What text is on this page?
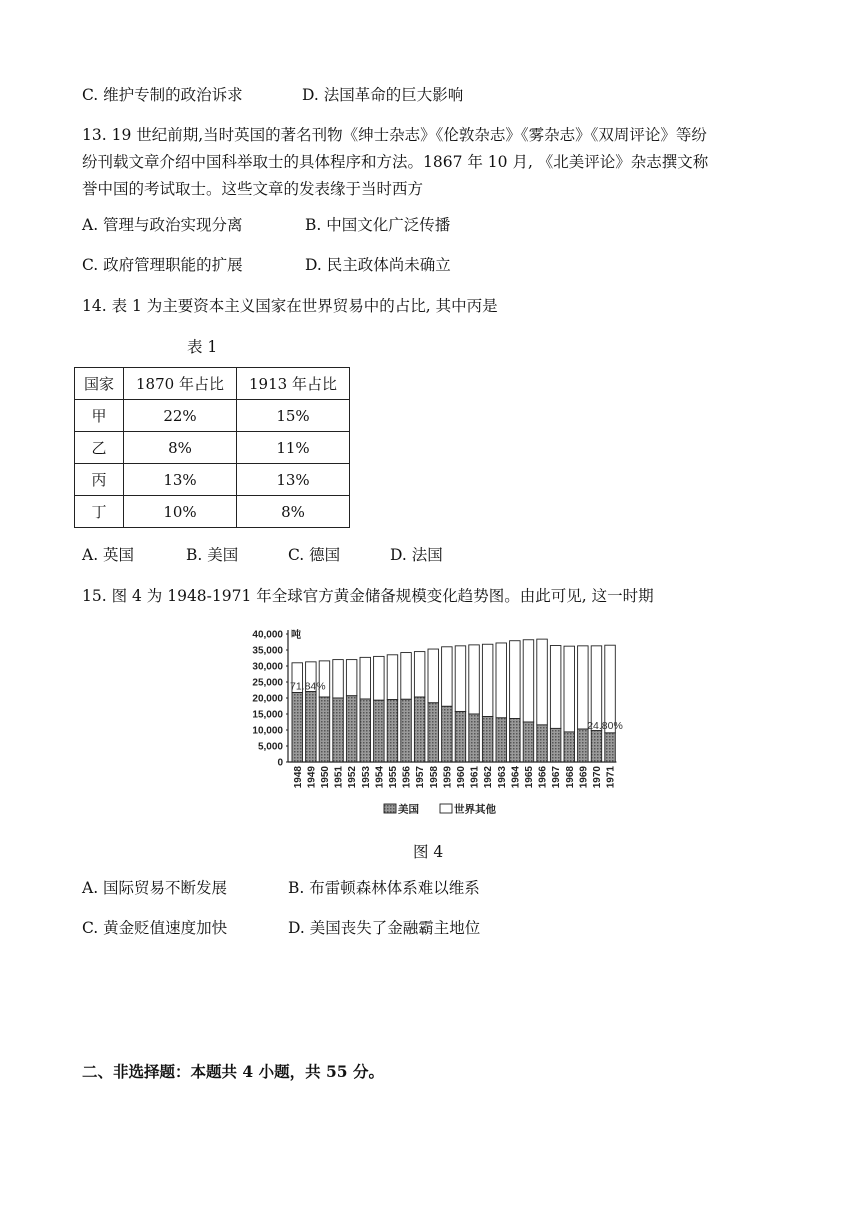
C. 维护专制的政治诉求	D. 法国革命的巨大影响
13. 19 世纪前期,当时英国的著名刊物《绅士杂志》《伦敦杂志》《雾杂志》《双周评论》等纷
纷刊载文章介绍中国科举取士的具体程序和方法。1867 年 10 月, 《北美评论》杂志撰文称
誉中国的考试取士。这些文章的发表缘于当时西方
A. 管理与政治实现分离	B. 中国文化广泛传播
C. 政府管理职能的扩展	D. 民主政体尚未确立
14. 表 1 为主要资本主义国家在世界贸易中的占比, 其中丙是
表 1
国家	1870 年占比	1913 年占比
甲	22%	15%
乙	8%	11%
丙	13%	13%
丁	10%	8%
A. 英国	B. 美国	C. 德国	D. 法国
15. 图 4 为 1948-1971 年全球官方黄金储备规模变化趋势图。由此可见, 这一时期
0
5,000
10,000
15,000
20,000
25,000
30,000
35,000
40,000 吨
71.84%
24.80%
1948 1949 1950 1951 1952 1953 1954 1955 1956 1957 1958 1959 1960 1961 1962 1963 1964 1965 1966 1967 1968 1969 1970 1971
美国	世界其他
图 4
A. 国际贸易不断发展	B. 布雷顿森林体系难以维系
C. 黄金贬值速度加快	D. 美国丧失了金融霸主地位
二、非选择题：本题共 4 小题，共 55 分。
